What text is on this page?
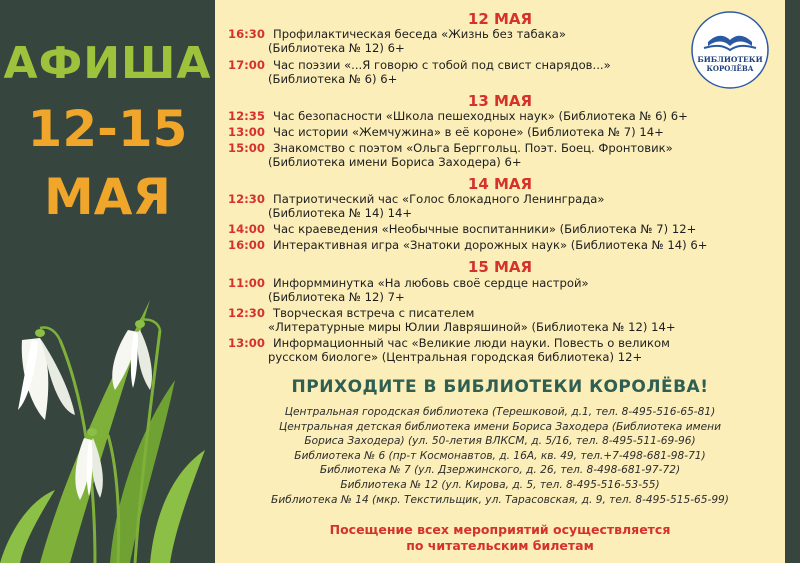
АФИША
12-15
МАЯ
БИБЛИОТЕКИ
КОРОЛЁВА
12 МАЯ
16:30 Профилактическая беседа «Жизнь без табака»
(Библиотека № 12) 6+
17:00 Час поэзии «...Я говорю с тобой под свист снарядов...»
(Библиотека № 6) 6+
13 МАЯ
12:35 Час безопасности «Школа пешеходных наук» (Библиотека № 6) 6+
13:00 Час истории «Жемчужина» в её короне» (Библиотека № 7) 14+
15:00 Знакомство с поэтом «Ольга Берггольц. Поэт. Боец. Фронтовик»
(Библиотека имени Бориса Заходера) 6+
14 МАЯ
12:30 Патриотический час «Голос блокадного Ленинграда»
(Библиотека № 14) 14+
14:00 Час краеведения «Необычные воспитанники» (Библиотека № 7) 12+
16:00 Интерактивная игра «Знатоки дорожных наук» (Библиотека № 14) 6+
15 МАЯ
11:00 Информминутка «На любовь своё сердце настрой»
(Библиотека № 12) 7+
12:30 Творческая встреча с писателем
«Литературные миры Юлии Лавряшиной» (Библиотека № 12) 14+
13:00 Информационный час «Великие люди науки. Повесть о великом
русском биологе» (Центральная городская библиотека) 12+
ПРИХОДИТЕ В БИБЛИОТЕКИ КОРОЛЁВА!
Центральная городская библиотека (Терешковой, д.1, тел. 8-495-516-65-81)
Центральная детская библиотека имени Бориса Заходера (Библиотека имени
Бориса Заходера) (ул. 50-летия ВЛКСМ, д. 5/16, тел. 8-495-511-69-96)
Библиотека № 6 (пр-т Космонавтов, д. 16А, кв. 49, тел.+7-498-681-98-71)
Библиотека № 7 (ул. Дзержинского, д. 26, тел. 8-498-681-97-72)
Библиотека № 12 (ул. Кирова, д. 5, тел. 8-495-516-53-55)
Библиотека № 14 (мкр. Текстильщик, ул. Тарасовская, д. 9, тел. 8-495-515-65-99)
Посещение всех мероприятий осуществляется
по читательским билетам
